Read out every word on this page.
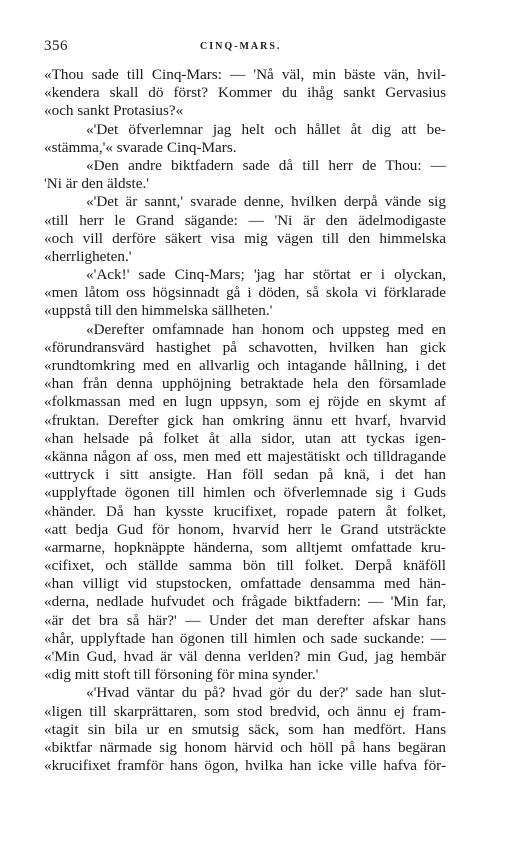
356	CINQ-MARS.
«Thou sade till Cinq-Mars: — 'Nå väl, min bäste vän, hvil-
«kendera skall dö först? Kommer du ihåg sankt Gervasius
«och sankt Protasius?«
«'Det öfverlemnar jag helt och hållet åt dig att be-
«stämma,'« svarade Cinq-Mars.
«Den andre biktfadern sade då till herr de Thou: —
'Ni är den äldste.'
«'Det är sannt,' svarade denne, hvilken derpå vände sig
«till herr le Grand sägande: — 'Ni är den ädelmodigaste
«och vill derföre säkert visa mig vägen till den himmelska
«herrligheten.'
«'Ack!' sade Cinq-Mars; 'jag har störtat er i olyckan,
«men låtom oss högsinnadt gå i döden, så skola vi förklarade
«uppstå till den himmelska sällheten.'
«Derefter omfamnade han honom och uppsteg med en
«förundransvärd hastighet på schavotten, hvilken han gick
«rundtomkring med en allvarlig och intagande hållning, i det
«han från denna upphöjning betraktade hela den församlade
«folkmassan med en lugn uppsyn, som ej röjde en skymt af
«fruktan. Derefter gick han omkring ännu ett hvarf, hvarvid
«han helsade på folket åt alla sidor, utan att tyckas igen-
«känna någon af oss, men med ett majestätiskt och tilldragande
«uttryck i sitt ansigte. Han föll sedan på knä, i det han
«upplyftade ögonen till himlen och öfverlemnade sig i Guds
«händer. Då han kysste krucifixet, ropade patern åt folket,
«att bedja Gud för honom, hvarvid herr le Grand utsträckte
«armarne, hopknäppte händerna, som alltjemt omfattade kru-
«cifixet, och ställde samma bön till folket. Derpå knäföll
«han villigt vid stupstocken, omfattade densamma med hän-
«derna, nedlade hufvudet och frågade biktfadern: — 'Min far,
«är det bra så här?' — Under det man derefter afskar hans
«hår, upplyftade han ögonen till himlen och sade suckande: —
«'Min Gud, hvad är väl denna verlden? min Gud, jag hembär
«dig mitt stoft till försoning för mina synder.'
«'Hvad väntar du på? hvad gör du der?' sade han slut-
«ligen till skarprättaren, som stod bredvid, och ännu ej fram-
«tagit sin bila ur en smutsig säck, som han medfört. Hans
«biktfar närmade sig honom härvid och höll på hans begäran
«krucifixet framför hans ögon, hvilka han icke ville hafva för-
